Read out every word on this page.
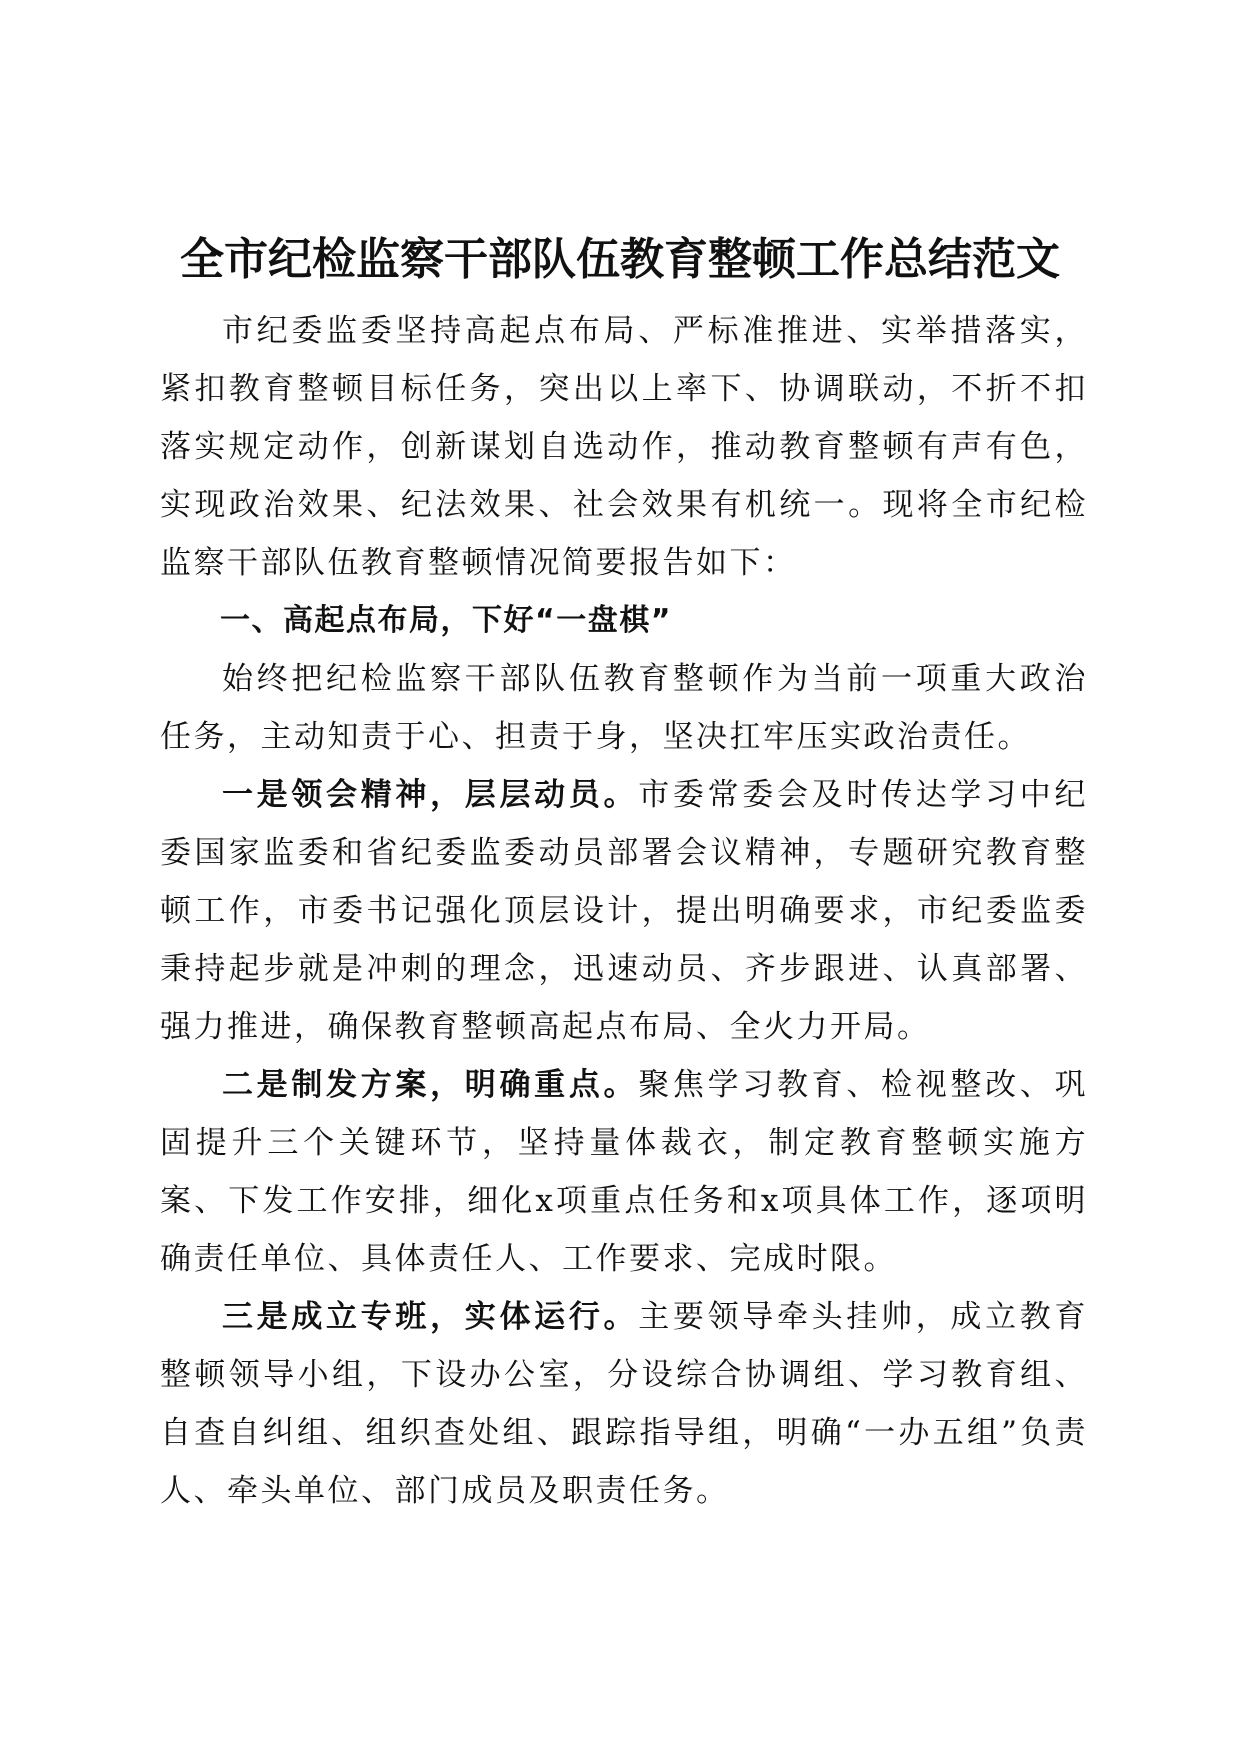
全市纪检监察干部队伍教育整顿工作总结范文

市纪委监委坚持高起点布局、严标准推进、实举措落实，紧扣教育整顿目标任务，突出以上率下、协调联动，不折不扣落实规定动作，创新谋划自选动作，推动教育整顿有声有色，实现政治效果、纪法效果、社会效果有机统一。现将全市纪检监察干部队伍教育整顿情况简要报告如下：

一、高起点布局，下好“一盘棋”

始终把纪检监察干部队伍教育整顿作为当前一项重大政治任务，主动知责于心、担责于身，坚决扛牢压实政治责任。

一是领会精神，层层动员。市委常委会及时传达学习中纪委国家监委和省纪委监委动员部署会议精神，专题研究教育整顿工作，市委书记强化顶层设计，提出明确要求，市纪委监委秉持起步就是冲刺的理念，迅速动员、齐步跟进、认真部署、强力推进，确保教育整顿高起点布局、全火力开局。

二是制发方案，明确重点。聚焦学习教育、检视整改、巩固提升三个关键环节，坚持量体裁衣，制定教育整顿实施方案、下发工作安排，细化x项重点任务和x项具体工作，逐项明确责任单位、具体责任人、工作要求、完成时限。

三是成立专班，实体运行。主要领导牵头挂帅，成立教育整顿领导小组，下设办公室，分设综合协调组、学习教育组、自查自纠组、组织查处组、跟踪指导组，明确“一办五组”负责人、牵头单位、部门成员及职责任务。
